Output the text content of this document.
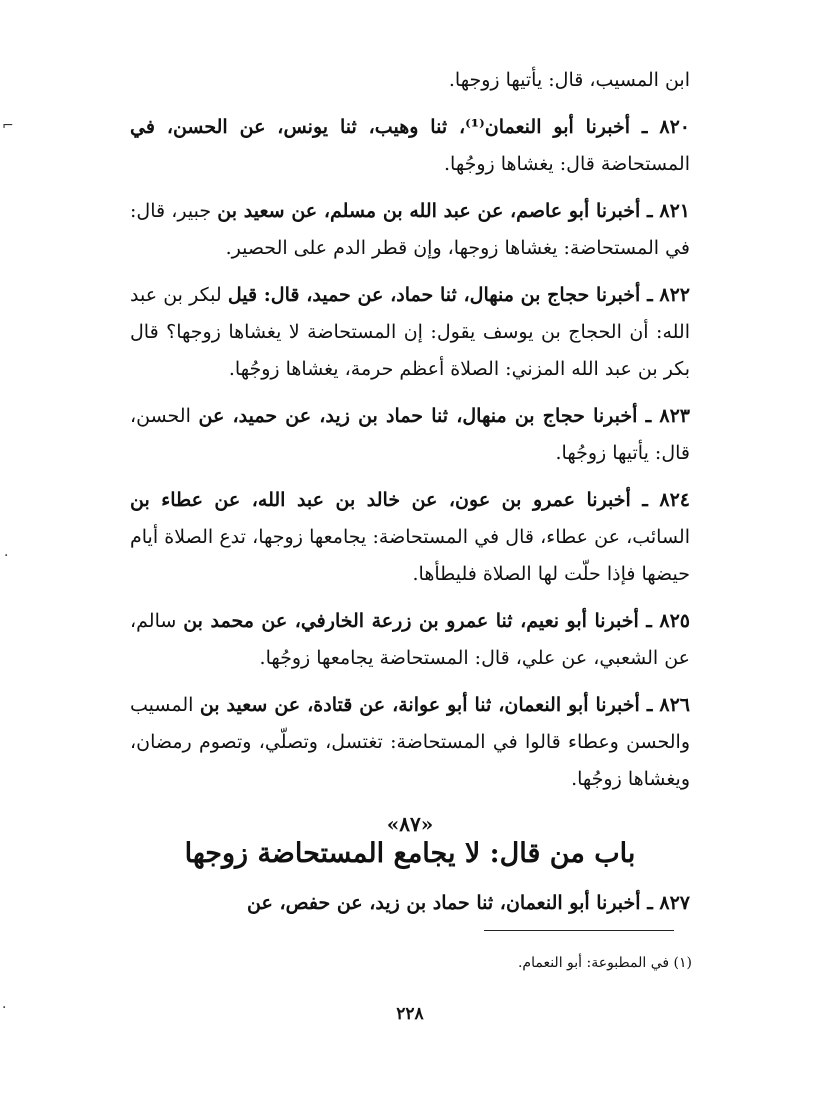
ابن المسيب، قال: يأتيها زوجها.

٨٢٠ ـ أخبرنا أبو النعمان⁽¹⁾، ثنا وهيب، ثنا يونس، عن الحسن، في المستحاضة قال: يغشاها زوجُها.

٨٢١ ـ أخبرنا أبو عاصم، عن عبد الله بن مسلم، عن سعيد بن جبير، قال: في المستحاضة: يغشاها زوجها، وإن قطر الدم على الحصير.

٨٢٢ ـ أخبرنا حجاج بن منهال، ثنا حماد، عن حميد، قال: قيل لبكر بن عبد الله: أن الحجاج بن يوسف يقول: إن المستحاضة لا يغشاها زوجها؟ قال بكر بن عبد الله المزني: الصلاة أعظم حرمة، يغشاها زوجُها.

٨٢٣ ـ أخبرنا حجاج بن منهال، ثنا حماد بن زيد، عن حميد، عن الحسن، قال: يأتيها زوجُها.

٨٢٤ ـ أخبرنا عمرو بن عون، عن خالد بن عبد الله، عن عطاء بن السائب، عن عطاء، قال في المستحاضة: يجامعها زوجها، تدع الصلاة أيام حيضها فإذا حلّت لها الصلاة فليطأها.

٨٢٥ ـ أخبرنا أبو نعيم، ثنا عمرو بن زرعة الخارفي، عن محمد بن سالم، عن الشعبي، عن علي، قال: المستحاضة يجامعها زوجُها.

٨٢٦ ـ أخبرنا أبو النعمان، ثنا أبو عوانة، عن قتادة، عن سعيد بن المسيب والحسن وعطاء قالوا في المستحاضة: تغتسل، وتصلّي، وتصوم رمضان، ويغشاها زوجُها.

«٨٧»
باب من قال: لا يجامع المستحاضة زوجها

٨٢٧ ـ أخبرنا أبو النعمان، ثنا حماد بن زيد، عن حفص، عن

(١) في المطبوعة: أبو النعمام.
٢٢٨
⌐
·
·
